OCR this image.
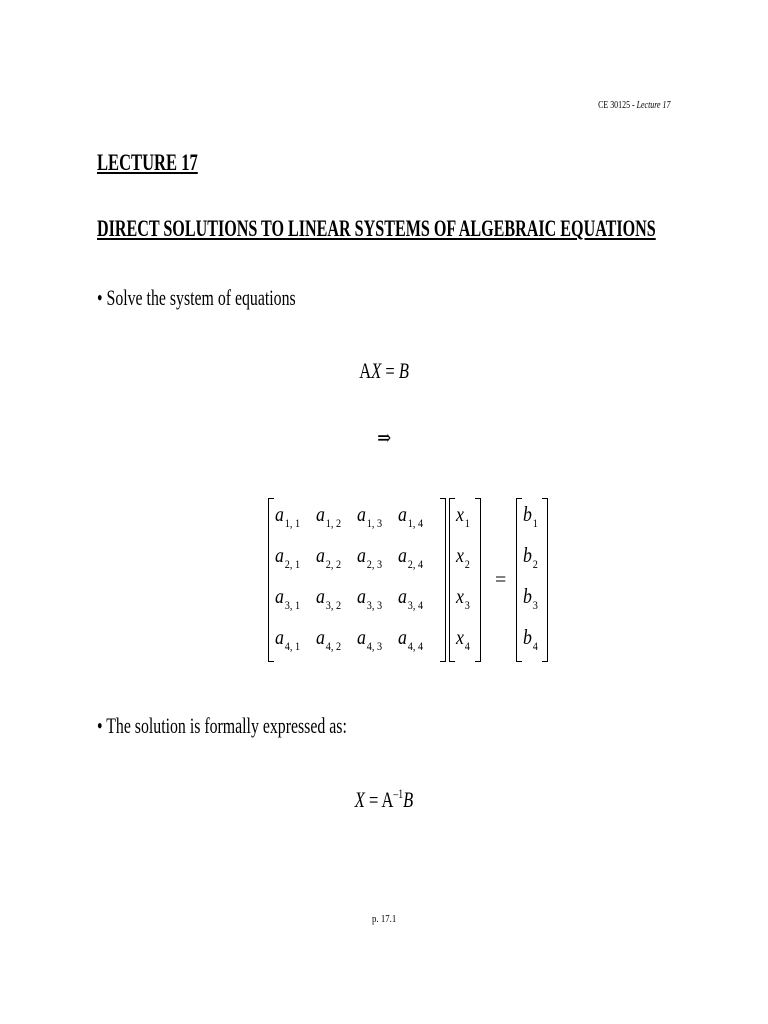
CE 30125 - Lecture 17
LECTURE 17
DIRECT SOLUTIONS TO LINEAR SYSTEMS OF ALGEBRAIC EQUATIONS
• Solve the system of equations
AX = B
⇒
$a_{1, 1}$ $a_{1, 2}$ $a_{1, 3}$ $a_{1, 4}$
$a_{2, 1}$ $a_{2, 2}$ $a_{2, 3}$ $a_{2, 4}$
$a_{3, 1}$ $a_{3, 2}$ $a_{3, 3}$ $a_{3, 4}$
$a_{4, 1}$ $a_{4, 2}$ $a_{4, 3}$ $a_{4, 4}$
$x_1$
$x_2$
$x_3$
$x_4$
=
$b_1$
$b_2$
$b_3$
$b_4$
• The solution is formally expressed as:
$X = A^{-1}B$
p. 17.1
